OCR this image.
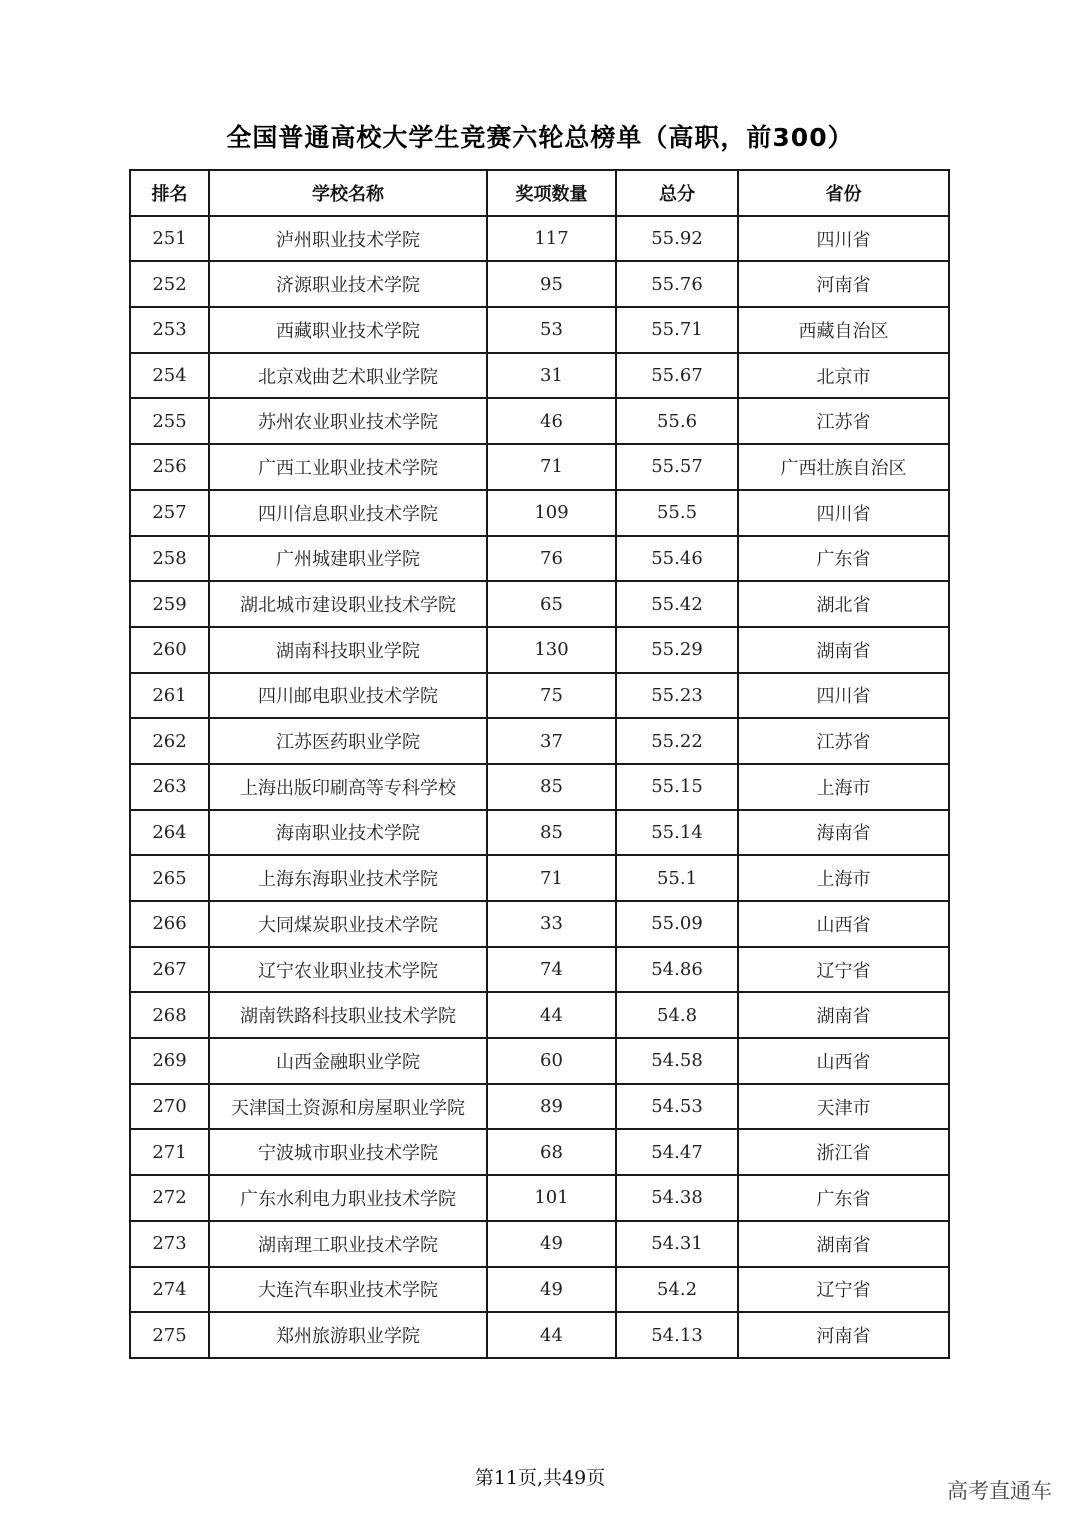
全国普通高校大学生竞赛六轮总榜单（高职，前300）
排名	学校名称	奖项数量	总分	省份
251	泸州职业技术学院	117	55.92	四川省
252	济源职业技术学院	95	55.76	河南省
253	西藏职业技术学院	53	55.71	西藏自治区
254	北京戏曲艺术职业学院	31	55.67	北京市
255	苏州农业职业技术学院	46	55.6	江苏省
256	广西工业职业技术学院	71	55.57	广西壮族自治区
257	四川信息职业技术学院	109	55.5	四川省
258	广州城建职业学院	76	55.46	广东省
259	湖北城市建设职业技术学院	65	55.42	湖北省
260	湖南科技职业学院	130	55.29	湖南省
261	四川邮电职业技术学院	75	55.23	四川省
262	江苏医药职业学院	37	55.22	江苏省
263	上海出版印刷高等专科学校	85	55.15	上海市
264	海南职业技术学院	85	55.14	海南省
265	上海东海职业技术学院	71	55.1	上海市
266	大同煤炭职业技术学院	33	55.09	山西省
267	辽宁农业职业技术学院	74	54.86	辽宁省
268	湖南铁路科技职业技术学院	44	54.8	湖南省
269	山西金融职业学院	60	54.58	山西省
270	天津国土资源和房屋职业学院	89	54.53	天津市
271	宁波城市职业技术学院	68	54.47	浙江省
272	广东水利电力职业技术学院	101	54.38	广东省
273	湖南理工职业技术学院	49	54.31	湖南省
274	大连汽车职业技术学院	49	54.2	辽宁省
275	郑州旅游职业学院	44	54.13	河南省
第11页,共49页
高考直通车
